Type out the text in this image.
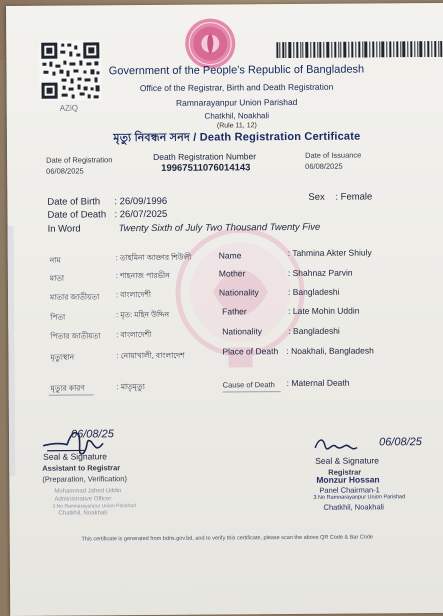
AZiQ
Government of the People’s Republic of Bangladesh
Office of the Registrar, Birth and Death Registration
Ramnarayanpur Union Parishad
Chatkhil, Noakhali
(Rule 11, 12)
মৃত্যু নিবন্ধন সনদ / Death Registration Certificate
Date of Registration
06/08/2025
Death Registration Number
19967511076014143
Date of Issuance
06/08/2025
Date of Birth : 26/09/1996	Sex : Female
Date of Death : 26/07/2025
In Word	Twenty Sixth of July Two Thousand Twenty Five
নাম	: তাহমিনা আক্তার শিউলী	Name	: Tahmina Akter Shiuly
মাতা	: শাহনাজ পারভীন	Mother	: Shahnaz Parvin
মাতার জাতীয়তা : বাংলাদেশী	Nationality	: Bangladeshi
পিতা	: মৃত: মহিন উদ্দিন	Father	: Late Mohin Uddin
পিতার জাতীয়তা : বাংলাদেশী	Nationality	: Bangladeshi
মৃত্যুস্থান	: নোয়াখালী, বাংলাদেশ	Place of Death : Noakhali, Bangladesh
মৃত্যুর কারণ	: মাতৃমৃত্যু	Cause of Death : Maternal Death
06/08/25
Seal & Signature
Assistant to Registrar
(Preparation, Verification)
Mohammad Jahed Uddin
Administrative Officer
3 No Ramnarayanpur Union Parishad
Chatkhil, Noakhali
06/08/25
Seal & Signature
Registrar
Monzur Hossan
Panel Chairman-1
3 No Ramnarayanpur Union Parishad
Chatkhil, Noakhali
This certificate is generated from bdris.gov.bd, and to verify this certificate, please scan the above QR Code & Bar Code
